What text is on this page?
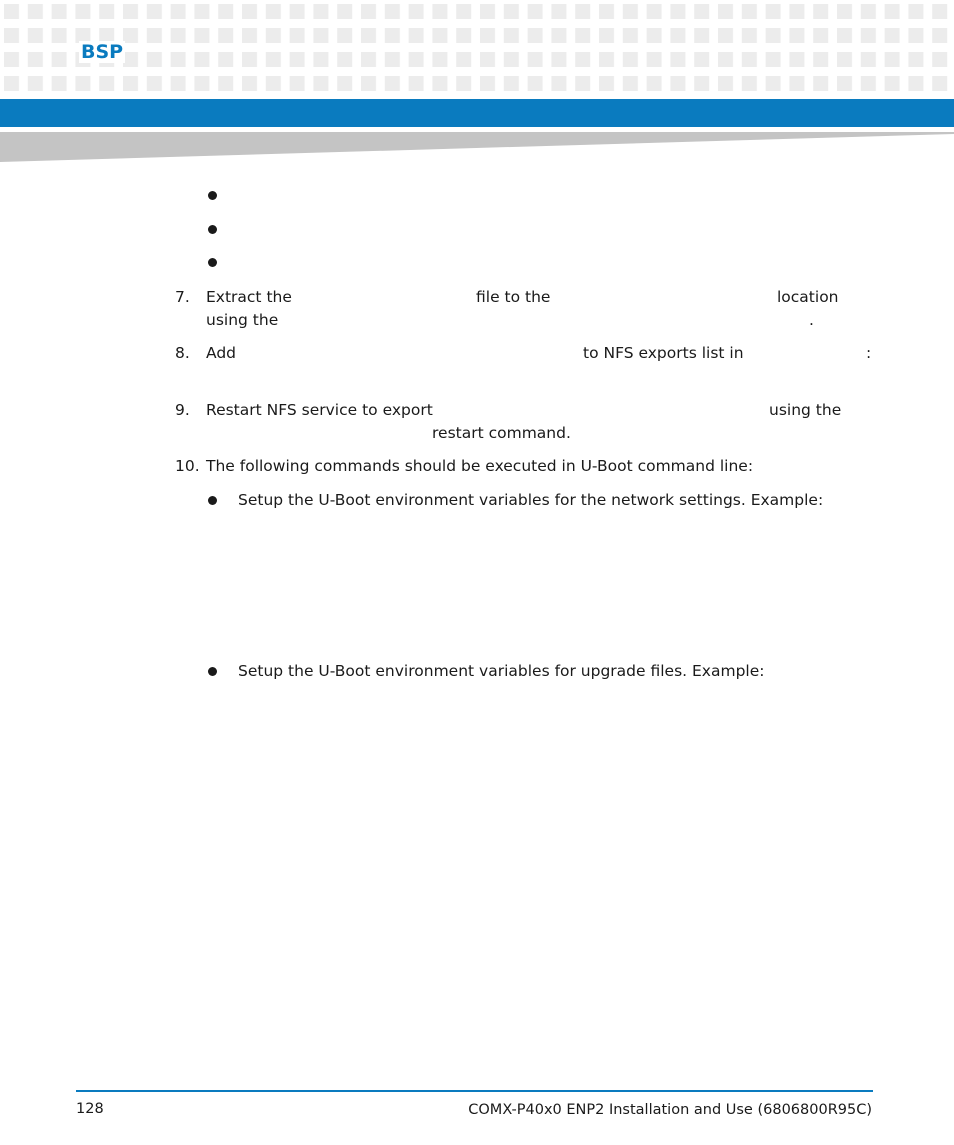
BSP
7. Extract the	file to the	location
using the	.
8. Add	to NFS exports list in	:
9. Restart NFS service to export	using the
restart command.
10. The following commands should be executed in U-Boot command line:
Setup the U-Boot environment variables for the network settings. Example:
Setup the U-Boot environment variables for upgrade files. Example:
128	COMX-P40x0 ENP2 Installation and Use (6806800R95C)
